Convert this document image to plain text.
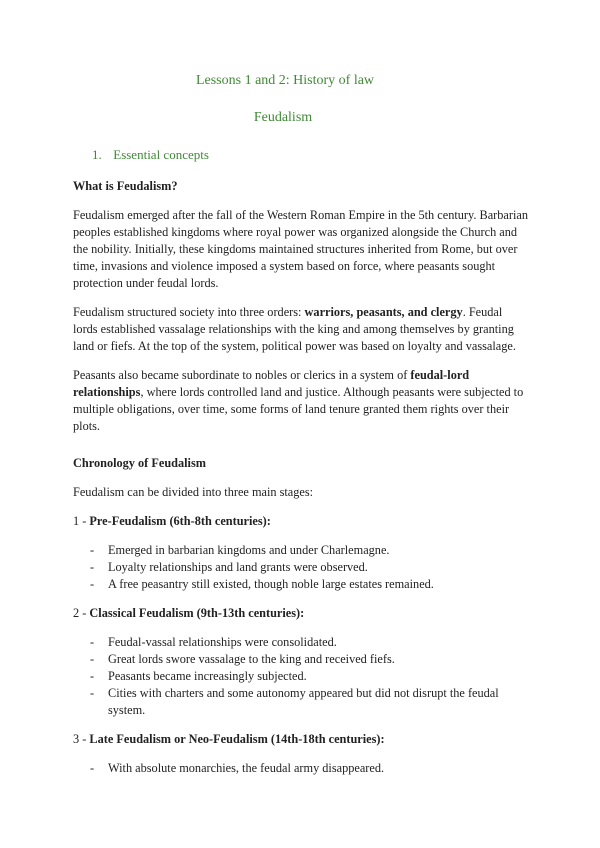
Lessons 1 and 2: History of law
Feudalism
1. Essential concepts
What is Feudalism?

Feudalism emerged after the fall of the Western Roman Empire in the 5th century. Barbarian peoples established kingdoms where royal power was organized alongside the Church and the nobility. Initially, these kingdoms maintained structures inherited from Rome, but over time, invasions and violence imposed a system based on force, where peasants sought protection under feudal lords.

Feudalism structured society into three orders: warriors, peasants, and clergy. Feudal lords established vassalage relationships with the king and among themselves by granting land or fiefs. At the top of the system, political power was based on loyalty and vassalage.

Peasants also became subordinate to nobles or clerics in a system of feudal-lord relationships, where lords controlled land and justice. Although peasants were subjected to multiple obligations, over time, some forms of land tenure granted them rights over their plots.

Chronology of Feudalism

Feudalism can be divided into three main stages:

1 - Pre-Feudalism (6th-8th centuries):
- Emerged in barbarian kingdoms and under Charlemagne.
- Loyalty relationships and land grants were observed.
- A free peasantry still existed, though noble large estates remained.
2 - Classical Feudalism (9th-13th centuries):
- Feudal-vassal relationships were consolidated.
- Great lords swore vassalage to the king and received fiefs.
- Peasants became increasingly subjected.
- Cities with charters and some autonomy appeared but did not disrupt the feudal system.
3 - Late Feudalism or Neo-Feudalism (14th-18th centuries):
- With absolute monarchies, the feudal army disappeared.
